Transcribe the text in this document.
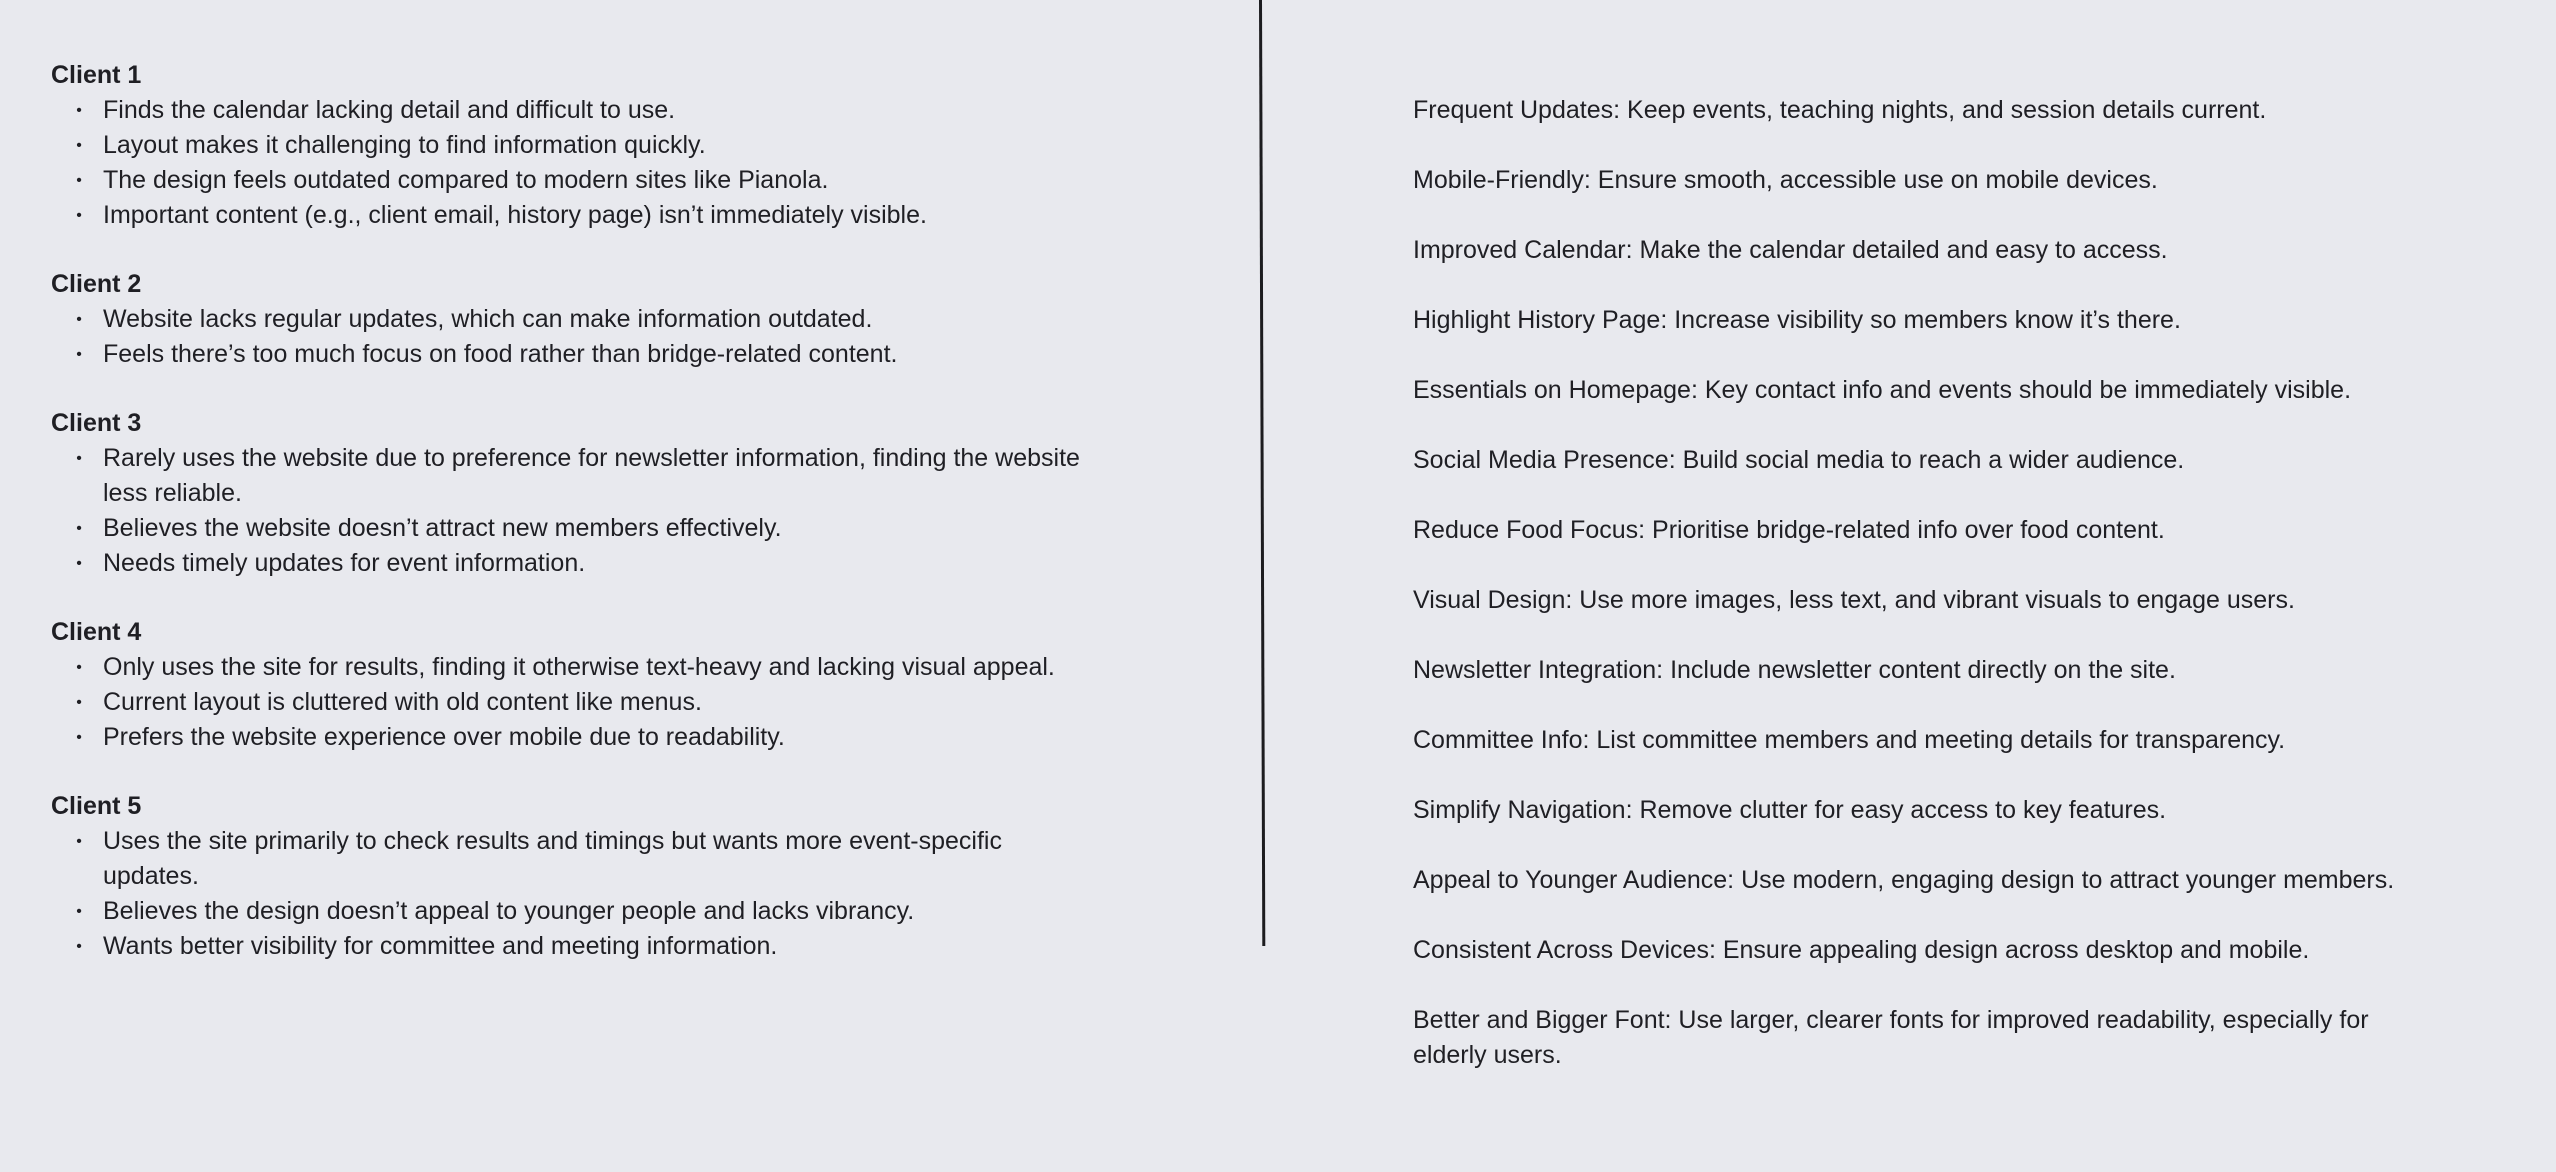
Client 1

• Finds the calendar lacking detail and difficult to use.
• Layout makes it challenging to find information quickly.
• The design feels outdated compared to modern sites like Pianola.
• Important content (e.g., client email, history page) isn’t immediately visible.

Client 2

• Website lacks regular updates, which can make information outdated.
• Feels there’s too much focus on food rather than bridge-related content.

Client 3

• Rarely uses the website due to preference for newsletter information, finding the website less reliable.
• Believes the website doesn’t attract new members effectively.
• Needs timely updates for event information.

Client 4

• Only uses the site for results, finding it otherwise text-heavy and lacking visual appeal.
• Current layout is cluttered with old content like menus.
• Prefers the website experience over mobile due to readability.

Client 5

• Uses the site primarily to check results and timings but wants more event-specific updates.
• Believes the design doesn’t appeal to younger people and lacks vibrancy.
• Wants better visibility for committee and meeting information.

Frequent Updates: Keep events, teaching nights, and session details current.

Mobile-Friendly: Ensure smooth, accessible use on mobile devices.

Improved Calendar: Make the calendar detailed and easy to access.

Highlight History Page: Increase visibility so members know it’s there.

Essentials on Homepage: Key contact info and events should be immediately visible.

Social Media Presence: Build social media to reach a wider audience.

Reduce Food Focus: Prioritise bridge-related info over food content.

Visual Design: Use more images, less text, and vibrant visuals to engage users.

Newsletter Integration: Include newsletter content directly on the site.

Committee Info: List committee members and meeting details for transparency.

Simplify Navigation: Remove clutter for easy access to key features.

Appeal to Younger Audience: Use modern, engaging design to attract younger members.

Consistent Across Devices: Ensure appealing design across desktop and mobile.

Better and Bigger Font: Use larger, clearer fonts for improved readability, especially for elderly users.
